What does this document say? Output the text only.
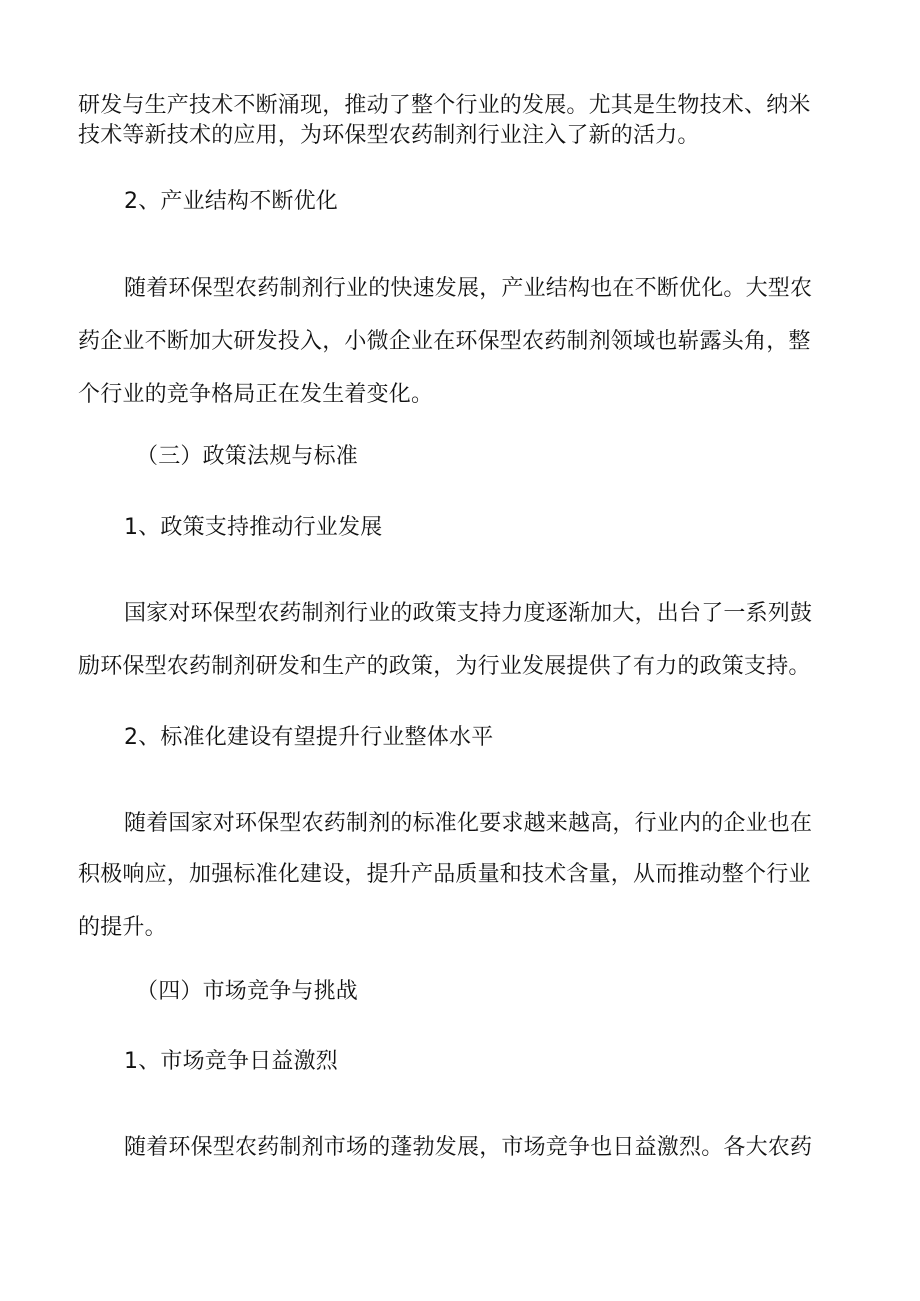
研发与生产技术不断涌现，推动了整个行业的发展。尤其是生物技术、纳米
技术等新技术的应用，为环保型农药制剂行业注入了新的活力。
2、产业结构不断优化
随着环保型农药制剂行业的快速发展，产业结构也在不断优化。大型农
药企业不断加大研发投入，小微企业在环保型农药制剂领域也崭露头角，整
个行业的竞争格局正在发生着变化。
（三）政策法规与标准
1、政策支持推动行业发展
国家对环保型农药制剂行业的政策支持力度逐渐加大，出台了一系列鼓
励环保型农药制剂研发和生产的政策，为行业发展提供了有力的政策支持。
2、标准化建设有望提升行业整体水平
随着国家对环保型农药制剂的标准化要求越来越高，行业内的企业也在
积极响应，加强标准化建设，提升产品质量和技术含量，从而推动整个行业
的提升。
（四）市场竞争与挑战
1、市场竞争日益激烈
随着环保型农药制剂市场的蓬勃发展，市场竞争也日益激烈。各大农药
